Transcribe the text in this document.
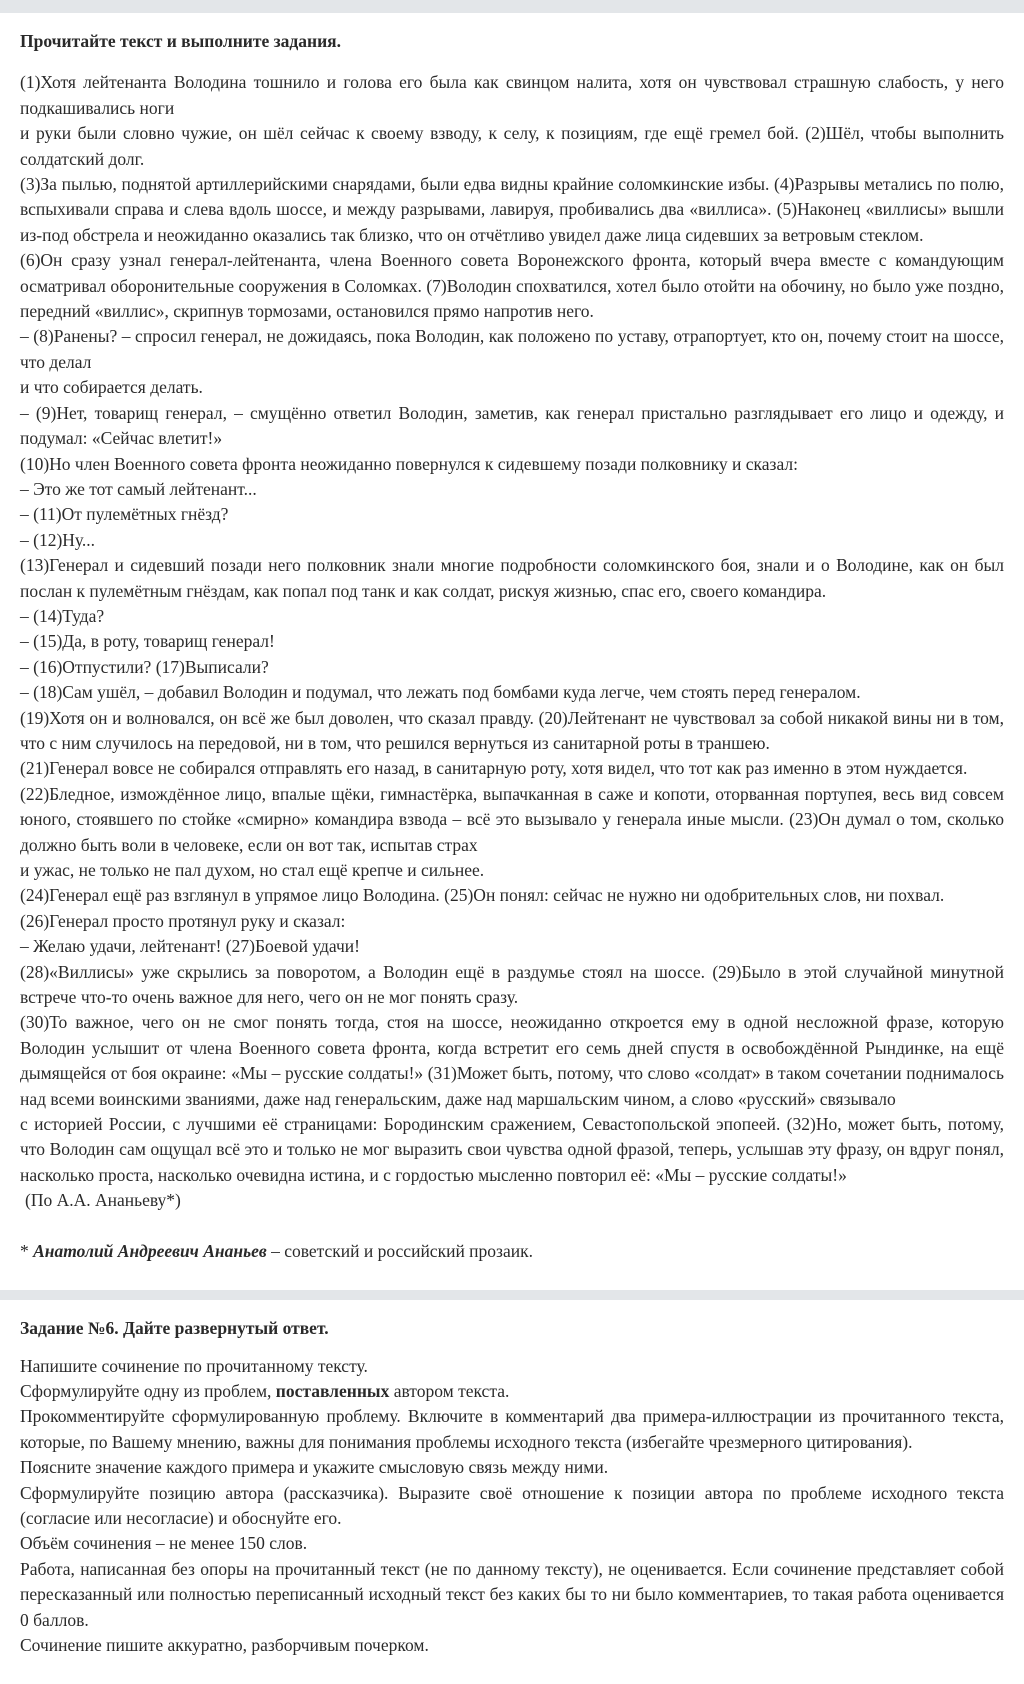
Прочитайте текст и выполните задания.

(1)Хотя лейтенанта Володина тошнило и голова его была как свинцом налита, хотя он чувствовал страшную слабость, у него подкашивались ноги
и руки были словно чужие, он шёл сейчас к своему взводу, к селу, к позициям, где ещё гремел бой. (2)Шёл, чтобы выполнить солдатский долг.

(3)За пылью, поднятой артиллерийскими снарядами, были едва видны крайние соломкинские избы. (4)Разрывы метались по полю, вспыхивали справа и слева вдоль шоссе, и между разрывами, лавируя, пробивались два «виллиса». (5)Наконец «виллисы» вышли из-под обстрела и неожиданно оказались так близко, что он отчётливо увидел даже лица сидевших за ветровым стеклом.

(6)Он сразу узнал генерал-лейтенанта, члена Военного совета Воронежского фронта, который вчера вместе с командующим осматривал оборонительные сооружения в Соломках. (7)Володин спохватился, хотел было отойти на обочину, но было уже поздно, передний «виллис», скрипнув тормозами, остановился прямо напротив него.

– (8)Ранены? – спросил генерал, не дожидаясь, пока Володин, как положено по уставу, отрапортует, кто он, почему стоит на шоссе, что делал
и что собирается делать.

– (9)Нет, товарищ генерал, – смущённо ответил Володин, заметив, как генерал пристально разглядывает его лицо и одежду, и подумал: «Сейчас влетит!»

(10)Но член Военного совета фронта неожиданно повернулся к сидевшему позади полковнику и сказал:

– Это же тот самый лейтенант...

– (11)От пулемётных гнёзд?

– (12)Ну...

(13)Генерал и сидевший позади него полковник знали многие подробности соломкинского боя, знали и о Володине, как он был послан к пулемётным гнёздам, как попал под танк и как солдат, рискуя жизнью, спас его, своего командира.

– (14)Туда?

– (15)Да, в роту, товарищ генерал!

– (16)Отпустили? (17)Выписали?

– (18)Сам ушёл, – добавил Володин и подумал, что лежать под бомбами куда легче, чем стоять перед генералом.

(19)Хотя он и волновался, он всё же был доволен, что сказал правду. (20)Лейтенант не чувствовал за собой никакой вины ни в том, что с ним случилось на передовой, ни в том, что решился вернуться из санитарной роты в траншею.

(21)Генерал вовсе не собирался отправлять его назад, в санитарную роту, хотя видел, что тот как раз именно в этом нуждается.

(22)Бледное, измождённое лицо, впалые щёки, гимнастёрка, выпачканная в саже и копоти, оторванная портупея, весь вид совсем юного, стоявшего по стойке «смирно» командира взвода – всё это вызывало у генерала иные мысли. (23)Он думал о том, сколько должно быть воли в человеке, если он вот так, испытав страх
и ужас, не только не пал духом, но стал ещё крепче и сильнее.

(24)Генерал ещё раз взглянул в упрямое лицо Володина. (25)Он понял: сейчас не нужно ни одобрительных слов, ни похвал.

(26)Генерал просто протянул руку и сказал:

– Желаю удачи, лейтенант! (27)Боевой удачи!

(28)«Виллисы» уже скрылись за поворотом, а Володин ещё в раздумье стоял на шоссе. (29)Было в этой случайной минутной встрече что-то очень важное для него, чего он не мог понять сразу.

(30)То важное, чего он не смог понять тогда, стоя на шоссе, неожиданно откроется ему в одной несложной фразе, которую Володин услышит от члена Военного совета фронта, когда встретит его семь дней спустя в освобождённой Рындинке, на ещё дымящейся от боя окраине: «Мы – русские солдаты!» (31)Может быть, потому, что слово «солдат» в таком сочетании поднималось над всеми воинскими званиями, даже над генеральским, даже над маршальским чином, а слово «русский» связывало
с историей России, с лучшими её страницами: Бородинским сражением, Севастопольской эпопеей. (32)Но, может быть, потому, что Володин сам ощущал всё это и только не мог выразить свои чувства одной фразой, теперь, услышав эту фразу, он вдруг понял, насколько проста, насколько очевидна истина, и с гордостью мысленно повторил её: «Мы – русские солдаты!»

(По А.А. Ананьеву*)

* Анатолий Андреевич Ананьев – советский и российский прозаик.

Задание №6. Дайте развернутый ответ.

Напишите сочинение по прочитанному тексту.

Сформулируйте одну из проблем, поставленных автором текста.

Прокомментируйте сформулированную проблему. Включите в комментарий два примера-иллюстрации из прочитанного текста, которые, по Вашему мнению, важны для понимания проблемы исходного текста (избегайте чрезмерного цитирования).

Поясните значение каждого примера и укажите смысловую связь между ними.

Сформулируйте позицию автора (рассказчика). Выразите своё отношение к позиции автора по проблеме исходного текста (согласие или несогласие) и обоснуйте его.

Объём сочинения – не менее 150 слов.

Работа, написанная без опоры на прочитанный текст (не по данному тексту), не оценивается. Если сочинение представляет собой пересказанный или полностью переписанный исходный текст без каких бы то ни было комментариев, то такая работа оценивается 0 баллов.

Сочинение пишите аккуратно, разборчивым почерком.
